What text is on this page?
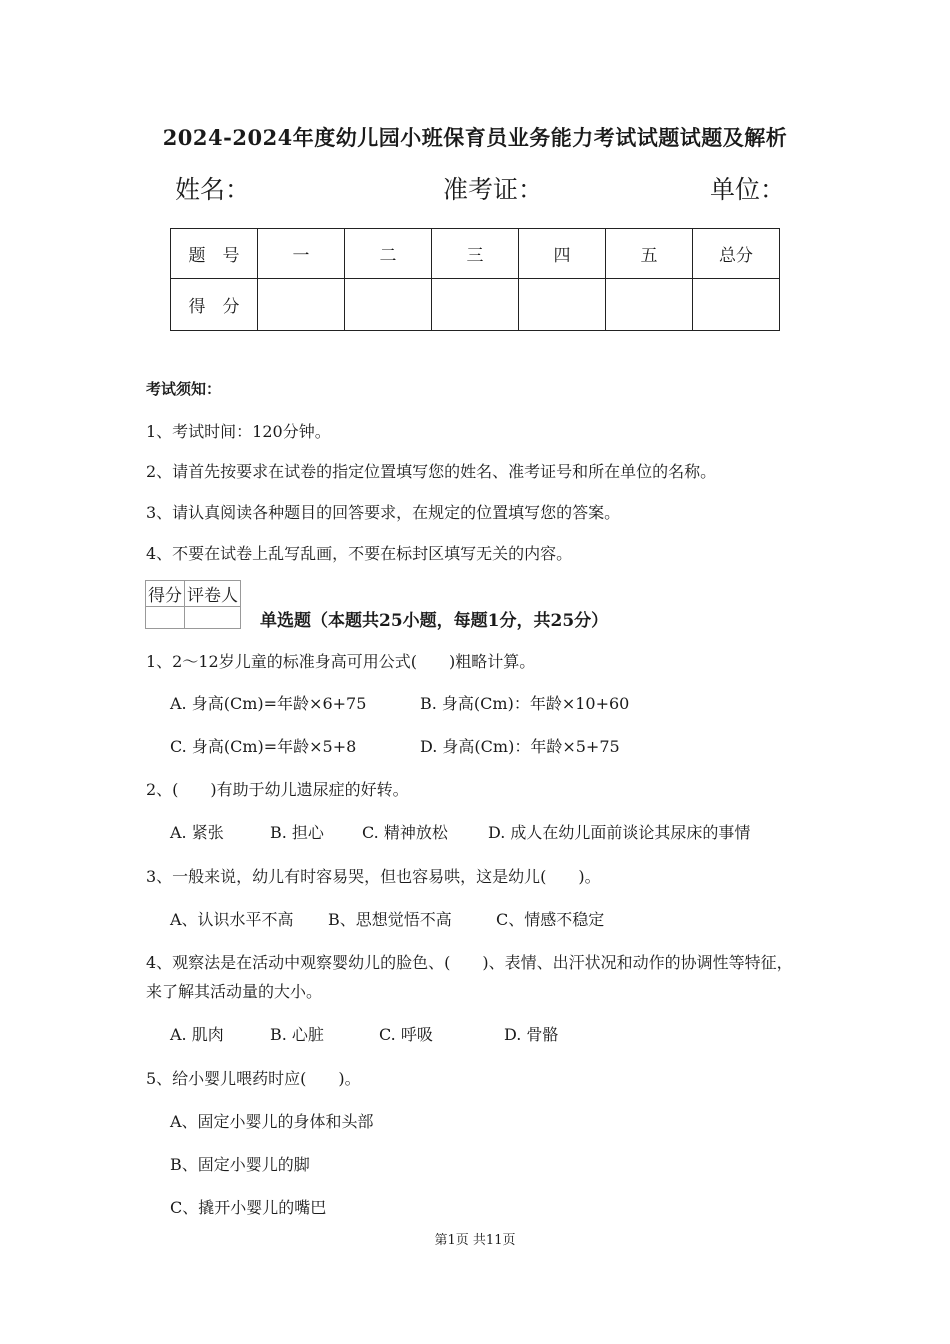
2024-2024年度幼儿园小班保育员业务能力考试试题试题及解析
姓名：	准考证：	单位：
题　号	一	二	三	四	五	总分
得　分						
考试须知：
1、考试时间：120分钟。
2、请首先按要求在试卷的指定位置填写您的姓名、准考证号和所在单位的名称。
3、请认真阅读各种题目的回答要求，在规定的位置填写您的答案。
4、不要在试卷上乱写乱画，不要在标封区填写无关的内容。
得分	评卷人

单选题（本题共25小题，每题1分，共25分）
1、2～12岁儿童的标准身高可用公式(　　)粗略计算。
A. 身高(Cm)=年龄×6+75	B. 身高(Cm)：年龄×10+60
C. 身高(Cm)=年龄×5+8	D. 身高(Cm)：年龄×5+75
2、(　　)有助于幼儿遗尿症的好转。
A. 紧张	B. 担心 C. 精神放松	D. 成人在幼儿面前谈论其尿床的事情
3、一般来说，幼儿有时容易哭，但也容易哄，这是幼儿(　　)。
A、认识水平不高 B、思想觉悟不高	C、情感不稳定
4、观察法是在活动中观察婴幼儿的脸色、(　　)、表情、出汗状况和动作的协调性等特征，
来了解其活动量的大小。
A. 肌肉	B. 心脏	C. 呼吸	D. 骨骼
5、给小婴儿喂药时应(　　)。
A、固定小婴儿的身体和头部
B、固定小婴儿的脚
C、撬开小婴儿的嘴巴
第1页 共11页
